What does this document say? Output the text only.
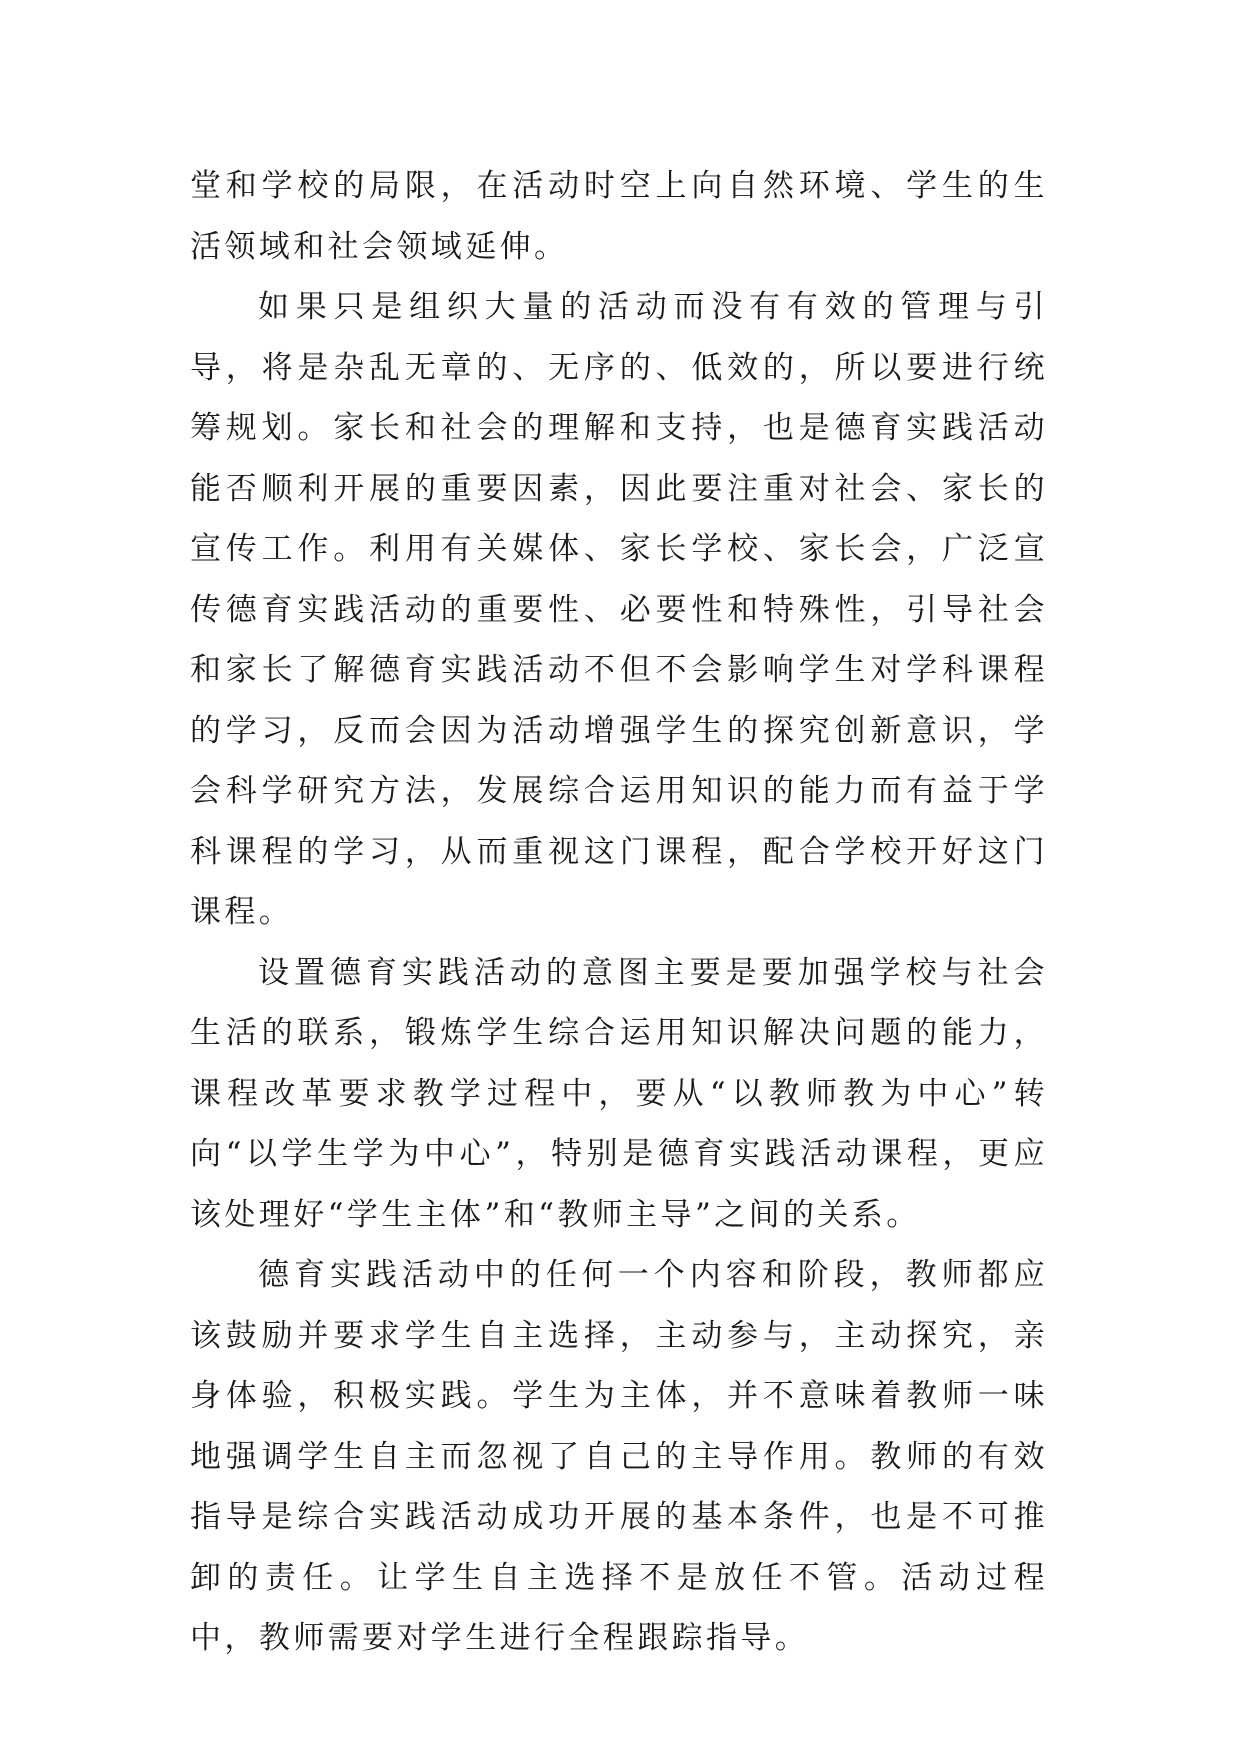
堂和学校的局限，在活动时空上向自然环境、学生的生活领域和社会领域延伸。

如果只是组织大量的活动而没有有效的管理与引导，将是杂乱无章的、无序的、低效的，所以要进行统筹规划。家长和社会的理解和支持，也是德育实践活动能否顺利开展的重要因素，因此要注重对社会、家长的宣传工作。利用有关媒体、家长学校、家长会，广泛宣传德育实践活动的重要性、必要性和特殊性，引导社会和家长了解德育实践活动不但不会影响学生对学科课程的学习，反而会因为活动增强学生的探究创新意识，学会科学研究方法，发展综合运用知识的能力而有益于学科课程的学习，从而重视这门课程，配合学校开好这门课程。

设置德育实践活动的意图主要是要加强学校与社会生活的联系，锻炼学生综合运用知识解决问题的能力，课程改革要求教学过程中，要从“以教师教为中心”转向“以学生学为中心”，特别是德育实践活动课程，更应该处理好“学生主体”和“教师主导”之间的关系。

德育实践活动中的任何一个内容和阶段，教师都应该鼓励并要求学生自主选择，主动参与，主动探究，亲身体验，积极实践。学生为主体，并不意味着教师一味地强调学生自主而忽视了自己的主导作用。教师的有效指导是综合实践活动成功开展的基本条件，也是不可推卸的责任。让学生自主选择不是放任不管。活动过程中，教师需要对学生进行全程跟踪指导。
